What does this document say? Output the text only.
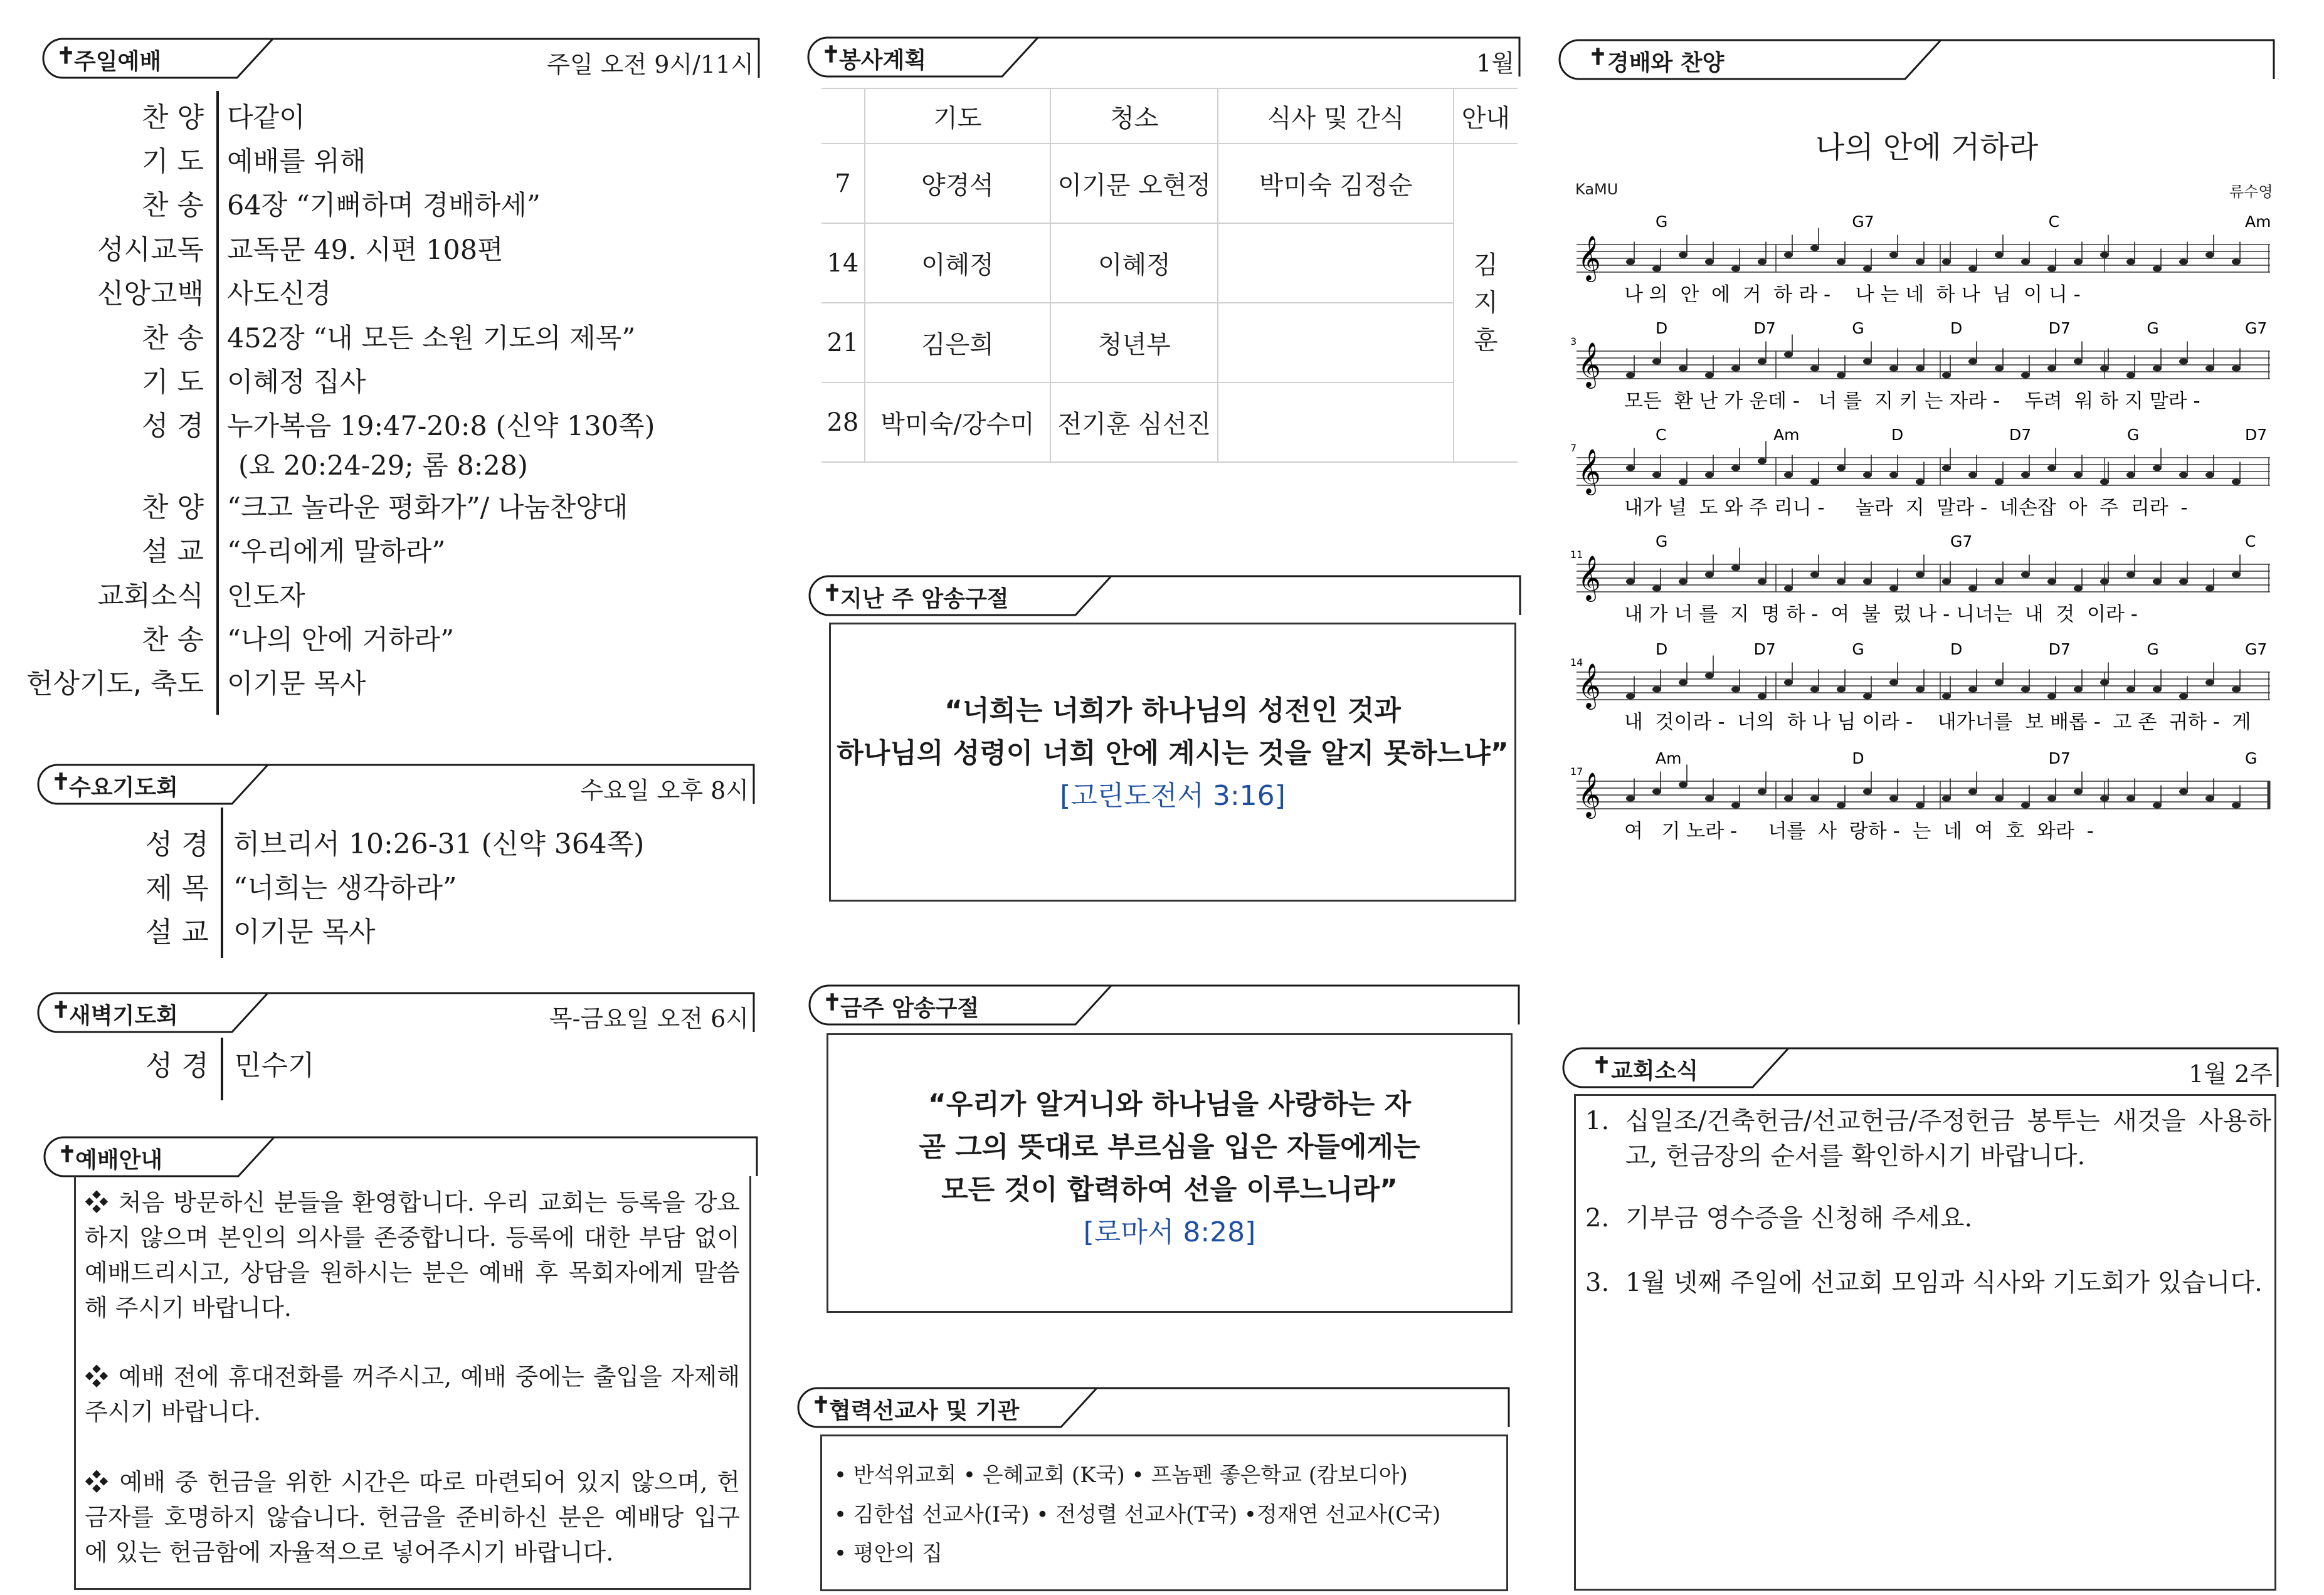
✝
주일예배	주일 오전 9시/11시
찬 양 다같이
기 도 예배를 위해
찬 송 64장 “기뻐하며 경배하세”
성시교독 교독문 49. 시편 108편
신앙고백 사도신경
찬 송 452장 “내 모든 소원 기도의 제목”
기 도 이혜정 집사
성 경 누가복음 19:47-20:8 (신약 130쪽)
(요 20:24-29; 롬 8:28)
찬 양 “크고 놀라운 평화가”/ 나눔찬양대
설 교 “우리에게 말하라”
교회소식 인도자
찬 송 “나의 안에 거하라”
헌상기도, 축도 이기문 목사
✝
수요기도회	수요일 오후 8시
성 경 히브리서 10:26-31 (신약 364쪽)
제 목 “너희는 생각하라”
설 교 이기문 목사
✝
새벽기도회	목-금요일 오전 6시
성 경 민수기
✝
예배안내
❖ 처음 방문하신 분들을 환영합니다. 우리 교회는 등록을 강요하지 않으며 본인의 의사를 존중합니다. 등록에 대한 부담 없이 예배드리시고, 상담을 원하시는 분은 예배 후 목회자에게 말씀해 주시기 바랍니다.
❖ 예배 전에 휴대전화를 꺼주시고, 예배 중에는 출입을 자제해주시기 바랍니다.
❖ 예배 중 헌금을 위한 시간은 따로 마련되어 있지 않으며, 헌금자를 호명하지 않습니다. 헌금을 준비하신 분은 예배당 입구에 있는 헌금함에 자율적으로 넣어주시기 바랍니다.
✝
봉사계획	1월
	기도	청소	식사 및 간식	안내
7	양경석	이기문 오현정	박미숙 김정순	김
지
훈

14	이혜정	이혜정		
21	김은희	청년부		
28	박미숙/강수미	전기훈 심선진		
✝
지난 주 암송구절
“너희는 너희가 하나님의 성전인 것과
하나님의 성령이 너희 안에 계시는 것을 알지 못하느냐”
[고린도전서 3:16]
✝
금주 암송구절
“우리가 알거니와 하나님을 사랑하는 자
곧 그의 뜻대로 부르심을 입은 자들에게는
모든 것이 합력하여 선을 이루느니라”
[로마서 8:28]
✝
협력선교사 및 기관
• 반석위교회 • 은혜교회 (K국) • 프놈펜 좋은학교 (캄보디아)
• 김한섭 선교사(I국) • 전성렬 선교사(T국) •정재연 선교사(C국)
• 평안의 집
✝ 경배와 찬양
나의 안에 거하라
KaMU	류수영
𝄞
G	G7	C	Am
나 의  안  에  거  하 라 -    나 는 네  하 나  님  이 니 -
𝄞
3
D	D7	G	D	D7	G	G7
모든  환 난 가 운데 -   너 를  지 키 는 자라 -    두려  워 하 지 말라 -
𝄞
7
C	Am	D	D7	G	D7
내가 널  도 와 주 리니 -     놀라  지  말라 -  네손잡  아  주  리라  -
𝄞
11
G	G7	C
내 가 너 를  지  명 하 -  여  불  렀 나 - 니너는  내  것  이라 -
𝄞
14
D	D7	G	D	D7	G	G7
내  것이라 -  너의  하 나 님 이라 -    내가너를  보 배롭 -  고 존  귀하 -  게
𝄞
17
Am	D	D7	G
여   기 노라 -     너를  사  랑하 -  는  네  여  호  와라  -
✝ 교회소식	1월 2주
1. 십일조/건축헌금/선교헌금/주정헌금 봉투는 새것을 사용하고, 헌금장의 순서를 확인하시기 바랍니다.
2. 기부금 영수증을 신청해 주세요.
3. 1월 넷째 주일에 선교회 모임과 식사와 기도회가 있습니다.
